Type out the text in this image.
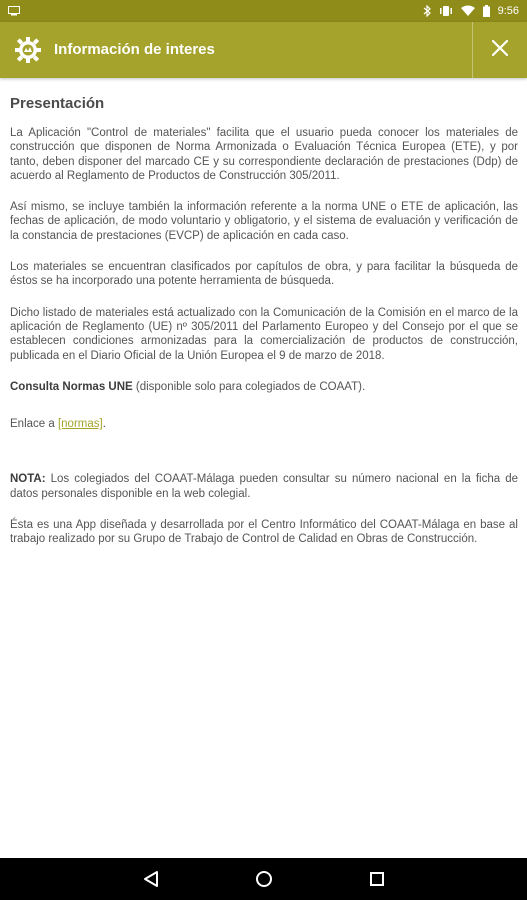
9:56
Información de interes
Presentación

La Aplicación "Control de materiales" facilita que el usuario pueda conocer los materiales de construcción que disponen de Norma Armonizada o Evaluación Técnica Europea (ETE), y por tanto, deben disponer del marcado CE y su correspondiente declaración de prestaciones (Ddp) de acuerdo al Reglamento de Productos de Construcción 305/2011.

Así mismo, se incluye también la información referente a la norma UNE o ETE de aplicación, las fechas de aplicación, de modo voluntario y obligatorio, y el sistema de evaluación y verificación de la constancia de prestaciones (EVCP) de aplicación en cada caso.

Los materiales se encuentran clasificados por capítulos de obra, y para facilitar la búsqueda de éstos se ha incorporado una potente herramienta de búsqueda.

Dicho listado de materiales está actualizado con la Comunicación de la Comisión en el marco de la aplicación de Reglamento (UE) nº 305/2011 del Parlamento Europeo y del Consejo por el que se establecen condiciones armonizadas para la comercialización de productos de construcción, publicada en el Diario Oficial de la Unión Europea el 9 de marzo de 2018.

Consulta Normas UNE (disponible solo para colegiados de COAAT).

Enlace a [normas].

NOTA: Los colegiados del COAAT-Málaga pueden consultar su número nacional en la ficha de datos personales disponible en la web colegial.

Ésta es una App diseñada y desarrollada por el Centro Informático del COAAT-Málaga en base al trabajo realizado por su Grupo de Trabajo de Control de Calidad en Obras de Construcción.
